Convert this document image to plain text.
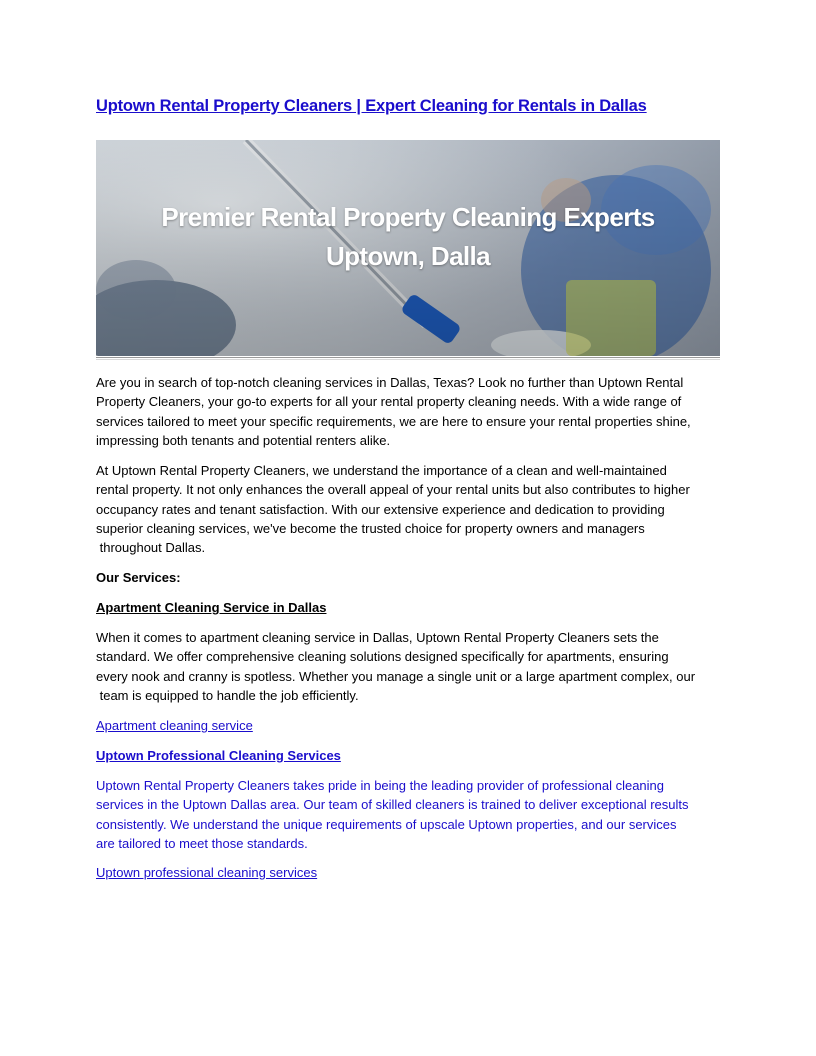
Uptown Rental Property Cleaners | Expert Cleaning for Rentals in Dallas
Premier Rental Property Cleaning Experts
Uptown, Dalla

Are you in search of top-notch cleaning services in Dallas, Texas? Look no further than Uptown Rental
Property Cleaners, your go-to experts for all your rental property cleaning needs. With a wide range of
services tailored to meet your specific requirements, we are here to ensure your rental properties shine,
impressing both tenants and potential renters alike.

At Uptown Rental Property Cleaners, we understand the importance of a clean and well-maintained
rental property. It not only enhances the overall appeal of your rental units but also contributes to higher
occupancy rates and tenant satisfaction. With our extensive experience and dedication to providing
superior cleaning services, we've become the trusted choice for property owners and managers
throughout Dallas.

Our Services:

Apartment Cleaning Service in Dallas

When it comes to apartment cleaning service in Dallas, Uptown Rental Property Cleaners sets the
standard. We offer comprehensive cleaning solutions designed specifically for apartments, ensuring
every nook and cranny is spotless. Whether you manage a single unit or a large apartment complex, our
team is equipped to handle the job efficiently.

Apartment cleaning service

Uptown Professional Cleaning Services

Uptown Rental Property Cleaners takes pride in being the leading provider of professional cleaning
services in the Uptown Dallas area. Our team of skilled cleaners is trained to deliver exceptional results
consistently. We understand the unique requirements of upscale Uptown properties, and our services
are tailored to meet those standards.

Uptown professional cleaning services
